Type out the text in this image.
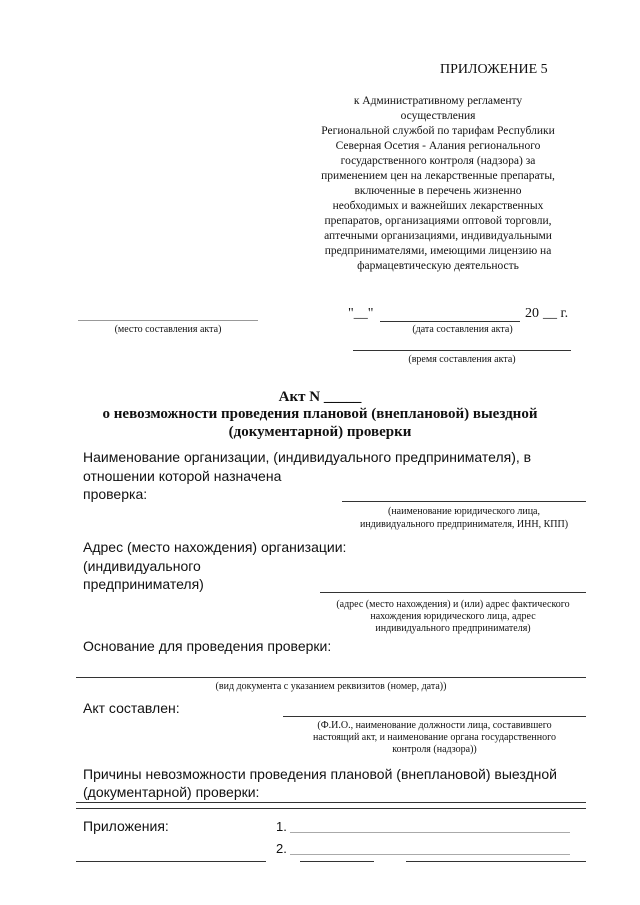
ПРИЛОЖЕНИЕ 5
к Административному регламенту
осуществления
Региональной службой по тарифам Республики
Северная Осетия - Алания регионального
государственного контроля (надзора) за
применением цен на лекарственные препараты,
включенные в перечень жизненно
необходимых и важнейших лекарственных
препаратов, организациями оптовой торговли,
аптечными организациями, индивидуальными
предпринимателями, имеющими лицензию на
фармацевтическую деятельность
(место составления акта)
"__"	20 __ г.
(дата составления акта)
(время составления акта)
Акт N _____
о невозможности проведения плановой (внеплановой) выездной
(документарной) проверки
Наименование организации, (индивидуального предпринимателя), в
отношении которой назначена
проверка:
(наименование юридического лица,
индивидуального предпринимателя, ИНН, КПП)
Адрес (место нахождения) организации:
(индивидуального
предпринимателя)
(адрес (место нахождения) и (или) адрес фактического
нахождения юридического лица, адрес
индивидуального предпринимателя)
Основание для проведения проверки:
(вид документа с указанием реквизитов (номер, дата))
Акт составлен:
(Ф.И.О., наименование должности лица, составившего
настоящий акт, и наименование органа государственного
контроля (надзора))
Причины невозможности проведения плановой (внеплановой) выездной
(документарной) проверки:
Приложения:	1.
2.
